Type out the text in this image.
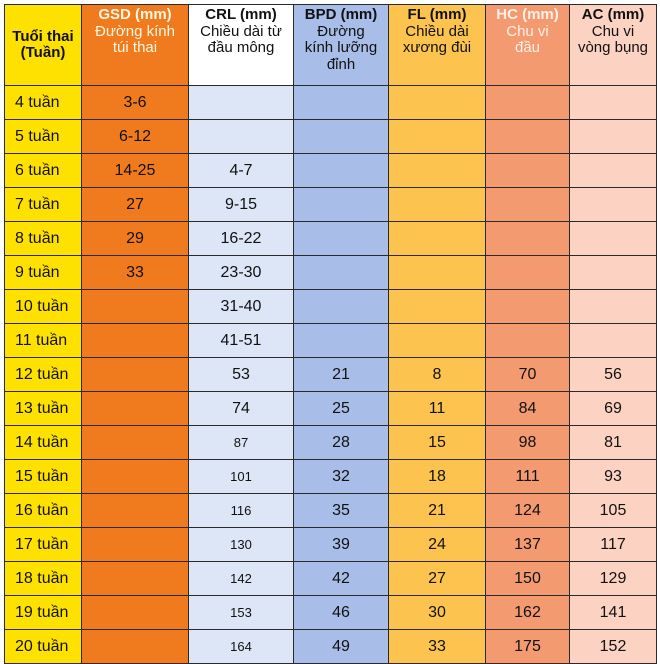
Tuổi thai
(Tuần)	GSD (mm)
Đường kính
túi thai	CRL (mm)
Chiều dài từ
đầu mông	BPD (mm)
Đường
kính lưỡng
đỉnh	FL (mm)
Chiều dài
xương đùi	HC (mm)
Chu vi
đầu	AC (mm)
Chu vi
vòng bụng

4 tuần	3-6					
5 tuần	6-12					
6 tuần	14-25	4-7				
7 tuần	27	9-15				
8 tuần	29	16-22				
9 tuần	33	23-30				
10 tuần		31-40				
11 tuần		41-51				
12 tuần		53	21	8	70	56
13 tuần		74	25	11	84	69
14 tuần		87	28	15	98	81
15 tuần		101	32	18	111	93
16 tuần		116	35	21	124	105
17 tuần		130	39	24	137	117
18 tuần		142	42	27	150	129
19 tuần		153	46	30	162	141
20 tuần		164	49	33	175	152
